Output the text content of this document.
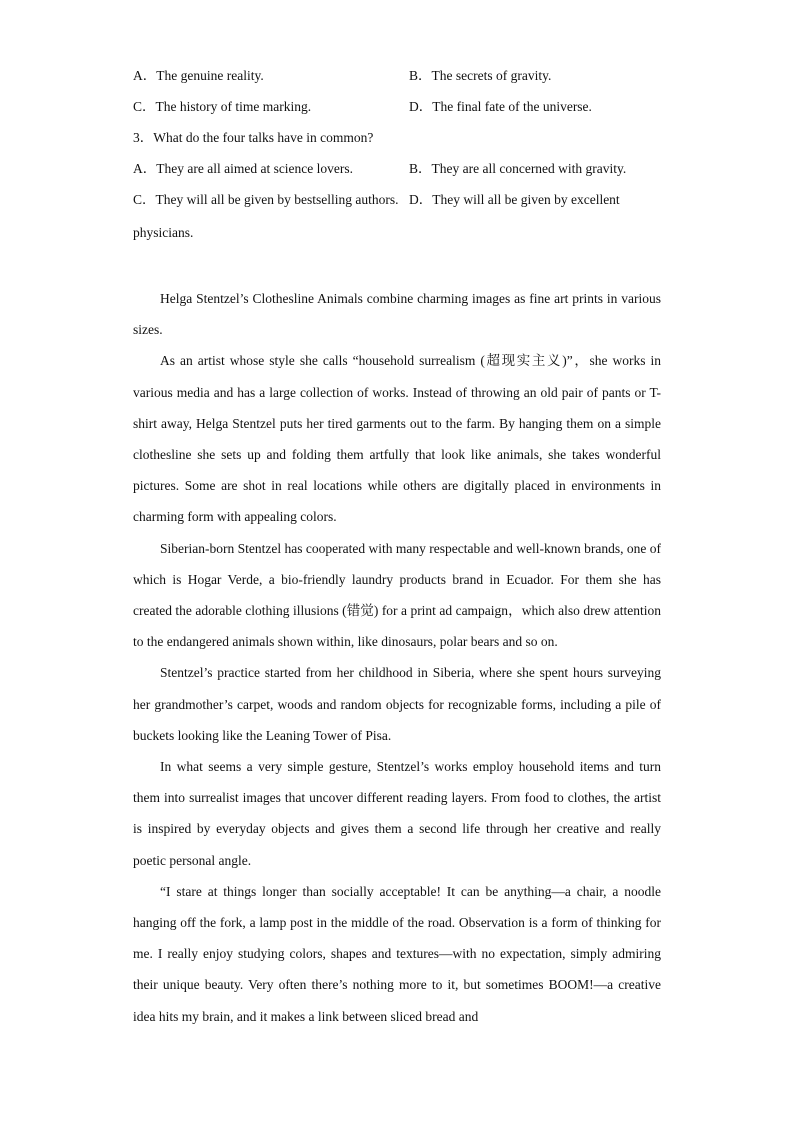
A．The genuine reality.	B．The secrets of gravity.
C．The history of time marking.	D．The final fate of the universe.
3．What do the four talks have in common?
A．They are all aimed at science lovers.	B．They are all concerned with gravity.
C．They will all be given by bestselling authors. D．They will all be given by excellent
physicians.

Helga Stentzel’s Clothesline Animals combine charming images as fine art prints in various sizes.

As an artist whose style she calls “household surrealism (超现实主义)”，she works in various media and has a large collection of works. Instead of throwing an old pair of pants or T-shirt away, Helga Stentzel puts her tired garments out to the farm. By hanging them on a simple clothesline she sets up and folding them artfully that look like animals, she takes wonderful pictures. Some are shot in real locations while others are digitally placed in environments in charming form with appealing colors.

Siberian-born Stentzel has cooperated with many respectable and well-known brands, one of which is Hogar Verde, a bio-friendly laundry products brand in Ecuador. For them she has created the adorable clothing illusions (错觉) for a print ad campaign，which also drew attention to the endangered animals shown within, like dinosaurs, polar bears and so on.

Stentzel’s practice started from her childhood in Siberia, where she spent hours surveying her grandmother’s carpet, woods and random objects for recognizable forms, including a pile of buckets looking like the Leaning Tower of Pisa.

In what seems a very simple gesture, Stentzel’s works employ household items and turn them into surrealist images that uncover different reading layers. From food to clothes, the artist is inspired by everyday objects and gives them a second life through her creative and really poetic personal angle.

“I stare at things longer than socially acceptable! It can be anything—a chair, a noodle hanging off the fork, a lamp post in the middle of the road. Observation is a form of thinking for me. I really enjoy studying colors, shapes and textures—with no expectation, simply admiring their unique beauty. Very often there’s nothing more to it, but sometimes BOOM!—a creative idea hits my brain, and it makes a link between sliced bread and
